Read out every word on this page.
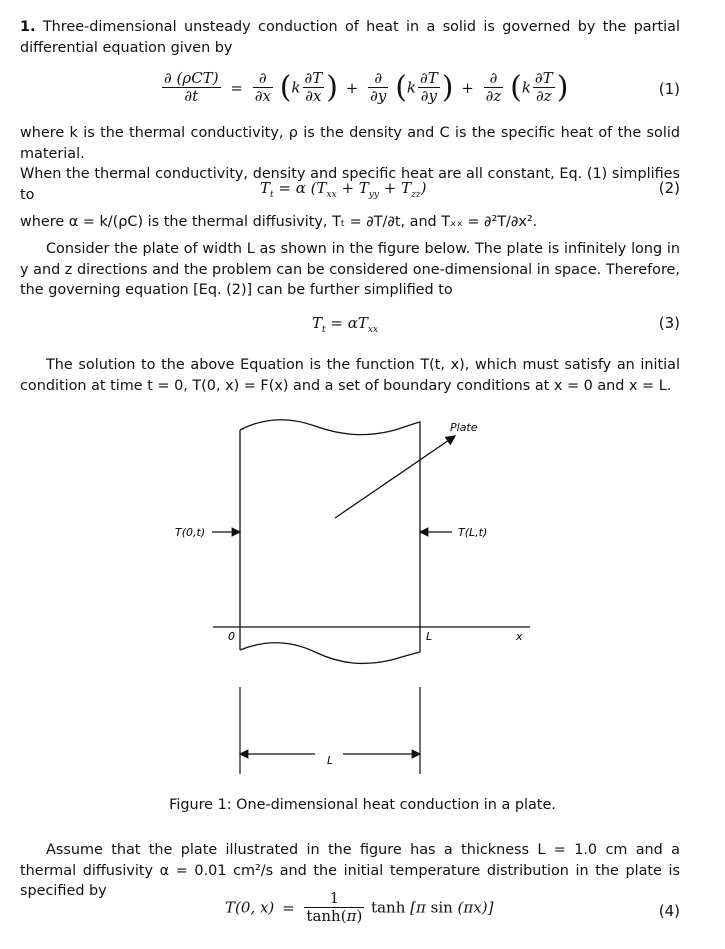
1. Three-dimensional unsteady conduction of heat in a solid is governed by the partial differential equation given by
$\frac{\text{∂ (ρCT)}}{\partial t} = \frac{\partial}{\partial x} (k \frac{\partial T}{\partial x}$ ) + $\frac{\partial}{\partial y} (k \frac{\partial T}{\partial y}$ ) + $\frac{\partial}{\partial z} (k \frac{\partial T}{\partial z}$ )	(1)
where k is the thermal conductivity, ρ is the density and C is the specific heat of the solid material.
When the thermal conductivity, density and specific heat are all constant, Eq. (1) simplifies to	$T_t = \alpha$ $(T_{xx} + T_{yy} + T_{zz})$	(2)
where α = k/(ρC) is the thermal diffusivity, Tₜ = ∂T/∂t, and Tₓₓ = ∂²T/∂x².
Consider the plate of width L as shown in the figure below. The plate is infinitely long in y and z directions and the problem can be considered one-dimensional in space. Therefore, the governing equation [Eq. (2)] can be further simplified to
$T_t = \alpha T_{xx}$	(3)
The solution to the above Equation is the function T(t, x), which must satisfy an initial condition at time t = 0, T(0, x) = F(x) and a set of boundary conditions at x = 0 and x = L.
0	L	x
Plate
T(0,t)	T(L,t)
L
Figure 1: One-dimensional heat conduction in a plate.
Assume that the plate illustrated in the figure has a thickness L = 1.0 cm and a thermal diffusivity α = 0.01 cm²/s and the initial temperature distribution in the plate is specified by
T(0, $x) = \frac{1}{\tanh(\pi)}$ tanh [π sin (πx)]	(4)
